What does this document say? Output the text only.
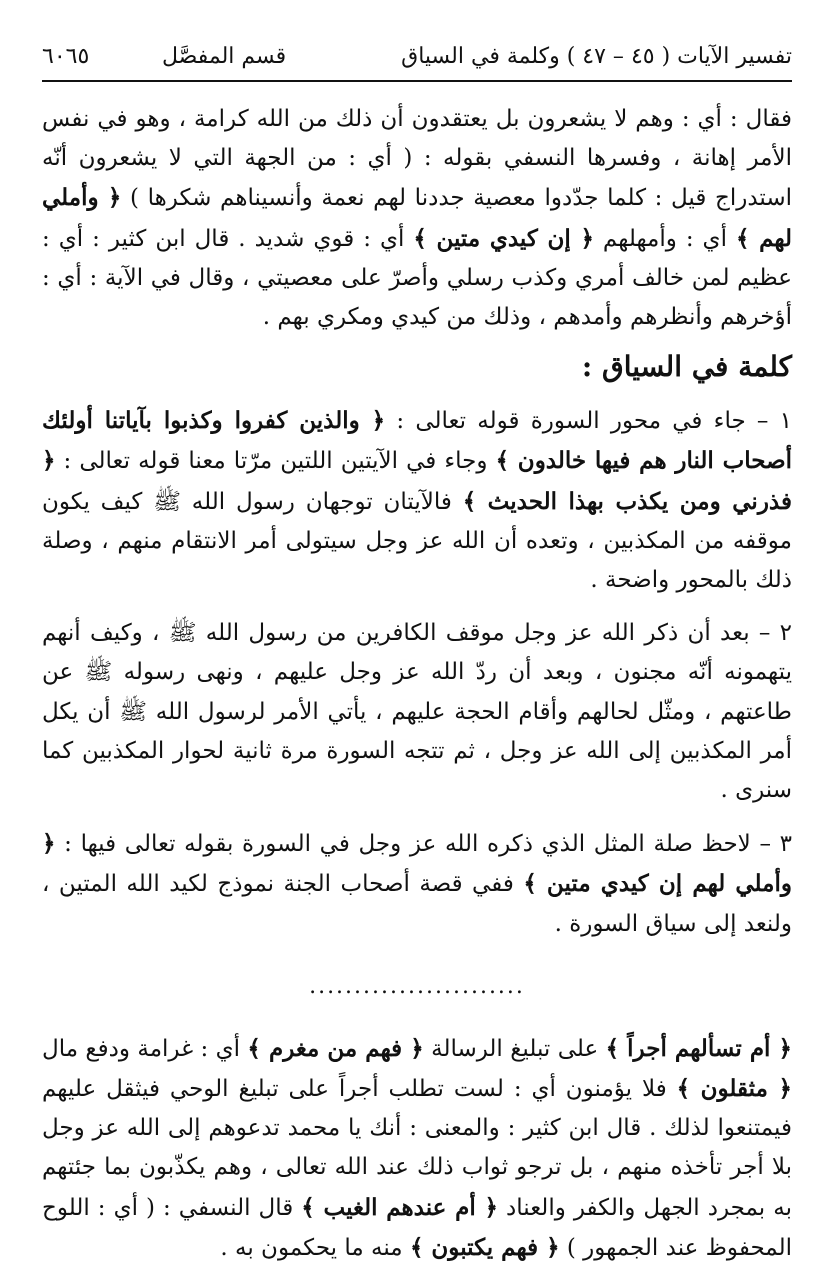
تفسير الآيات ( ٤٥ – ٤٧ ) وكلمة في السياق
قسم المفصَّل
٦٠٦٥

فقال : أي : وهم لا يشعرون بل يعتقدون أن ذلك من الله كرامة ، وهو في نفس الأمر إهانة ، وفسرها النسفي بقوله : ( أي : من الجهة التي لا يشعرون أنّه استدراج قيل : كلما جدّدوا معصية جددنا لهم نعمة وأنسيناهم شكرها ) ﴿ وأملي لهم ﴾ أي : وأمهلهم ﴿ إن كيدي متين ﴾ أي : قوي شديد . قال ابن كثير : أي : عظيم لمن خالف أمري وكذب رسلي وأصرّ على معصيتي ، وقال في الآية : أي : أؤخرهم وأنظرهم وأمدهم ، وذلك من كيدي ومكري بهم .

كلمة في السياق :

١ – جاء في محور السورة قوله تعالى : ﴿ والذين كفروا وكذبوا بآياتنا أولئك أصحاب النار هم فيها خالدون ﴾ وجاء في الآيتين اللتين مرّتا معنا قوله تعالى : ﴿ فذرني ومن يكذب بهذا الحديث ﴾ فالآيتان توجهان رسول الله ﷺ كيف يكون موقفه من المكذبين ، وتعده أن الله عز وجل سيتولى أمر الانتقام منهم ، وصلة ذلك بالمحور واضحة .

٢ – بعد أن ذكر الله عز وجل موقف الكافرين من رسول الله ﷺ ، وكيف أنهم يتهمونه أنّه مجنون ، وبعد أن ردّ الله عز وجل عليهم ، ونهى رسوله ﷺ عن طاعتهم ، ومثّل لحالهم وأقام الحجة عليهم ، يأتي الأمر لرسول الله ﷺ أن يكل أمر المكذبين إلى الله عز وجل ، ثم تتجه السورة مرة ثانية لحوار المكذبين كما سنرى .

٣ – لاحظ صلة المثل الذي ذكره الله عز وجل في السورة بقوله تعالى فيها : ﴿ وأملي لهم إن كيدي متين ﴾ ففي قصة أصحاب الجنة نموذج لكيد الله المتين ، ولنعد إلى سياق السورة .

........................

﴿ أم تسألهم أجراً ﴾ على تبليغ الرسالة ﴿ فهم من مغرم ﴾ أي : غرامة ودفع مال ﴿ مثقلون ﴾ فلا يؤمنون أي : لست تطلب أجراً على تبليغ الوحي فيثقل عليهم فيمتنعوا لذلك . قال ابن كثير : والمعنى : أنك يا محمد تدعوهم إلى الله عز وجل بلا أجر تأخذه منهم ، بل ترجو ثواب ذلك عند الله تعالى ، وهم يكذّبون بما جئتهم به بمجرد الجهل والكفر والعناد ﴿ أم عندهم الغيب ﴾ قال النسفي : ( أي : اللوح المحفوظ عند الجمهور ) ﴿ فهم يكتبون ﴾ منه ما يحكمون به .
